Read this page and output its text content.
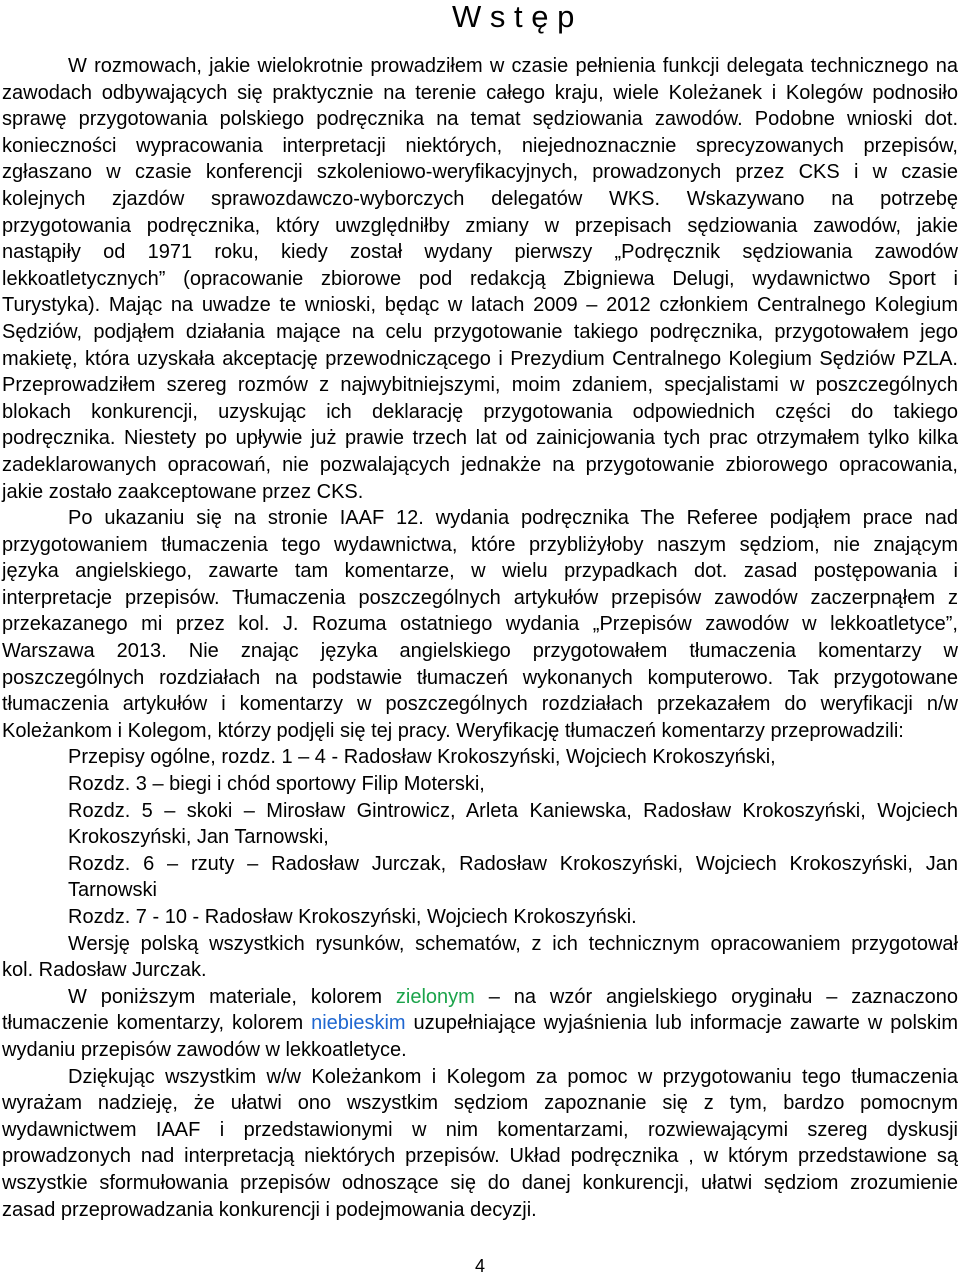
W s t ę p
W rozmowach, jakie wielokrotnie prowadziłem w czasie pełnienia funkcji delegata technicznego na
zawodach odbywających się praktycznie na terenie całego kraju, wiele Koleżanek i Kolegów podnosiło
sprawę przygotowania polskiego podręcznika na temat sędziowania zawodów. Podobne wnioski dot.
konieczności wypracowania interpretacji niektórych, niejednoznacznie sprecyzowanych przepisów,
zgłaszano w czasie konferencji szkoleniowo-weryfikacyjnych, prowadzonych przez CKS i w czasie
kolejnych zjazdów sprawozdawczo-wyborczych delegatów WKS. Wskazywano na potrzebę
przygotowania podręcznika, który uwzględniłby zmiany w przepisach sędziowania zawodów, jakie
nastąpiły od 1971 roku, kiedy został wydany pierwszy „Podręcznik sędziowania zawodów
lekkoatletycznych” (opracowanie zbiorowe pod redakcją Zbigniewa Delugi, wydawnictwo Sport i
Turystyka). Mając na uwadze te wnioski, będąc w latach 2009 – 2012 członkiem Centralnego Kolegium
Sędziów, podjąłem działania mające na celu przygotowanie takiego podręcznika, przygotowałem jego
makietę, która uzyskała akceptację przewodniczącego i Prezydium Centralnego Kolegium Sędziów PZLA.
Przeprowadziłem szereg rozmów z najwybitniejszymi, moim zdaniem, specjalistami w poszczególnych
blokach konkurencji, uzyskując ich deklarację przygotowania odpowiednich części do takiego
podręcznika. Niestety po upływie już prawie trzech lat od zainicjowania tych prac otrzymałem tylko kilka
zadeklarowanych opracowań, nie pozwalających jednakże na przygotowanie zbiorowego opracowania,
jakie zostało zaakceptowane przez CKS.
Po ukazaniu się na stronie IAAF 12. wydania podręcznika The Referee podjąłem prace nad
przygotowaniem tłumaczenia tego wydawnictwa, które przybliżyłoby naszym sędziom, nie znającym
języka angielskiego, zawarte tam komentarze, w wielu przypadkach dot. zasad postępowania i
interpretacje przepisów. Tłumaczenia poszczególnych artykułów przepisów zawodów zaczerpnąłem z
przekazanego mi przez kol. J. Rozuma ostatniego wydania „Przepisów zawodów w lekkoatletyce”,
Warszawa 2013. Nie znając języka angielskiego przygotowałem tłumaczenia komentarzy w
poszczególnych rozdziałach na podstawie tłumaczeń wykonanych komputerowo. Tak przygotowane
tłumaczenia artykułów i komentarzy w poszczególnych rozdziałach przekazałem do weryfikacji n/w
Koleżankom i Kolegom, którzy podjęli się tej pracy. Weryfikację tłumaczeń komentarzy przeprowadzili:
Przepisy ogólne, rozdz. 1 – 4 - Radosław Krokoszyński, Wojciech Krokoszyński,
Rozdz. 3 – biegi i chód sportowy Filip Moterski,
Rozdz. 5 – skoki – Mirosław Gintrowicz, Arleta Kaniewska, Radosław Krokoszyński, Wojciech
Krokoszyński, Jan Tarnowski,
Rozdz. 6 – rzuty – Radosław Jurczak, Radosław Krokoszyński, Wojciech Krokoszyński, Jan
Tarnowski
Rozdz. 7 - 10 - Radosław Krokoszyński, Wojciech Krokoszyński.
Wersję polską wszystkich rysunków, schematów, z ich technicznym opracowaniem przygotował
kol. Radosław Jurczak.
W poniższym materiale, kolorem zielonym – na wzór angielskiego oryginału – zaznaczono
tłumaczenie komentarzy, kolorem niebieskim uzupełniające wyjaśnienia lub informacje zawarte w polskim
wydaniu przepisów zawodów w lekkoatletyce.
Dziękując wszystkim w/w Koleżankom i Kolegom za pomoc w przygotowaniu tego tłumaczenia
wyrażam nadzieję, że ułatwi ono wszystkim sędziom zapoznanie się z tym, bardzo pomocnym
wydawnictwem IAAF i przedstawionymi w nim komentarzami, rozwiewającymi szereg dyskusji
prowadzonych nad interpretacją niektórych przepisów. Układ podręcznika , w którym przedstawione są
wszystkie sformułowania przepisów odnoszące się do danej konkurencji, ułatwi sędziom zrozumienie
zasad przeprowadzania konkurencji i podejmowania decyzji.
4
